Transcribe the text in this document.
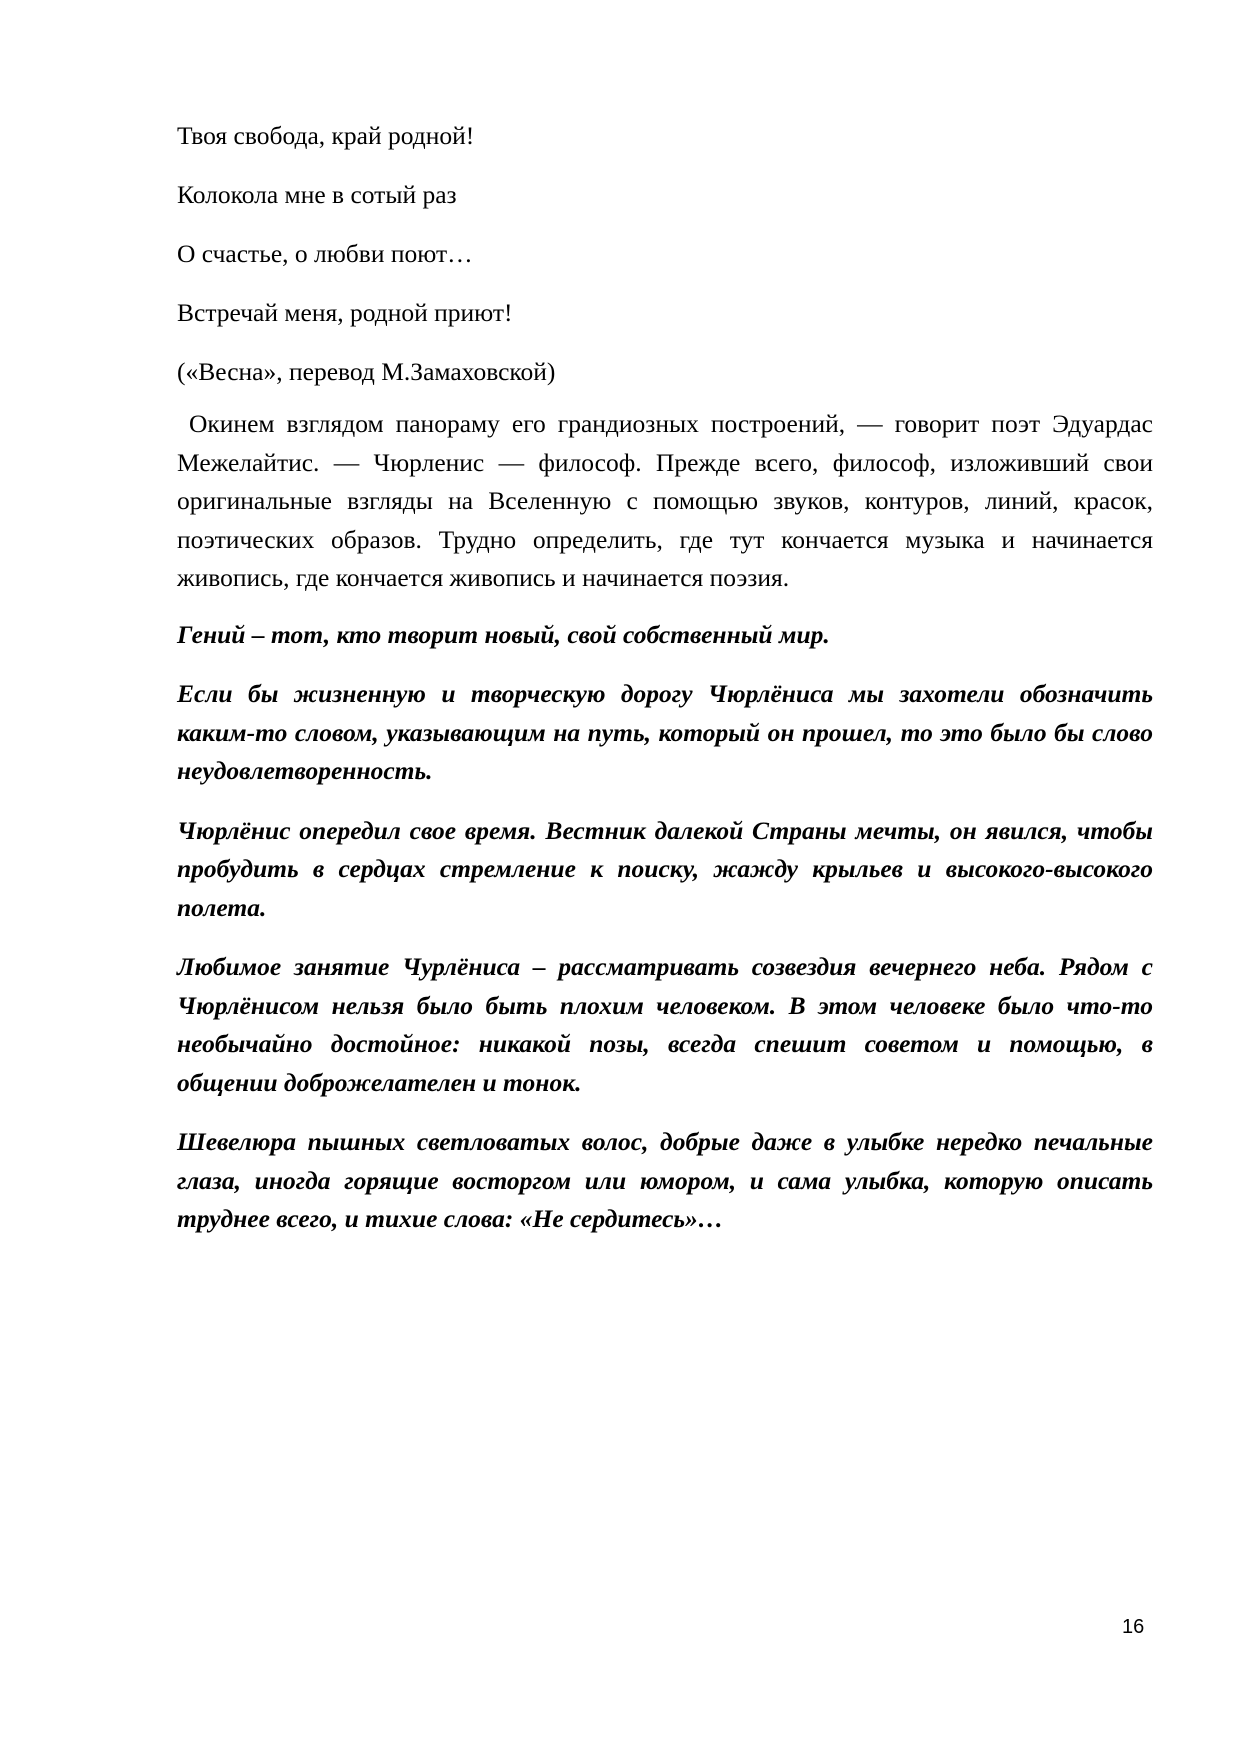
Твоя свобода, край родной!

Колокола мне в сотый раз

О счастье, о любви поют…

Встречай меня, родной приют!

(«Весна», перевод М.Замаховской)

Окинем взглядом панораму его грандиозных построений, — говорит поэт Эдуардас Межелайтис. — Чюрленис — философ. Прежде всего, философ, изложивший свои оригинальные взгляды на Вселенную с помощью звуков, контуров, линий, красок, поэтических образов. Трудно определить, где тут кончается музыка и начинается живопись, где кончается живопись и начинается поэзия.

Гений – тот, кто творит новый, свой собственный мир.

Если бы жизненную и творческую дорогу Чюрлёниса мы захотели обозначить каким-то словом, указывающим на путь, который он прошел, то это было бы слово неудовлетворенность.

Чюрлёнис опередил свое время. Вестник далекой Страны мечты, он явился, чтобы пробудить в сердцах стремление к поиску, жажду крыльев и высокого-высокого полета.

Любимое занятие Чурлёниса – рассматривать созвездия вечернего неба. Рядом с Чюрлёнисом нельзя было быть плохим человеком. В этом человеке было что-то необычайно достойное: никакой позы, всегда спешит советом и помощью, в общении доброжелателен и тонок.

Шевелюра пышных светловатых волос, добрые даже в улыбке нередко печальные глаза, иногда горящие восторгом или юмором, и сама улыбка, которую описать труднее всего, и тихие слова: «Не сердитесь»…

16
